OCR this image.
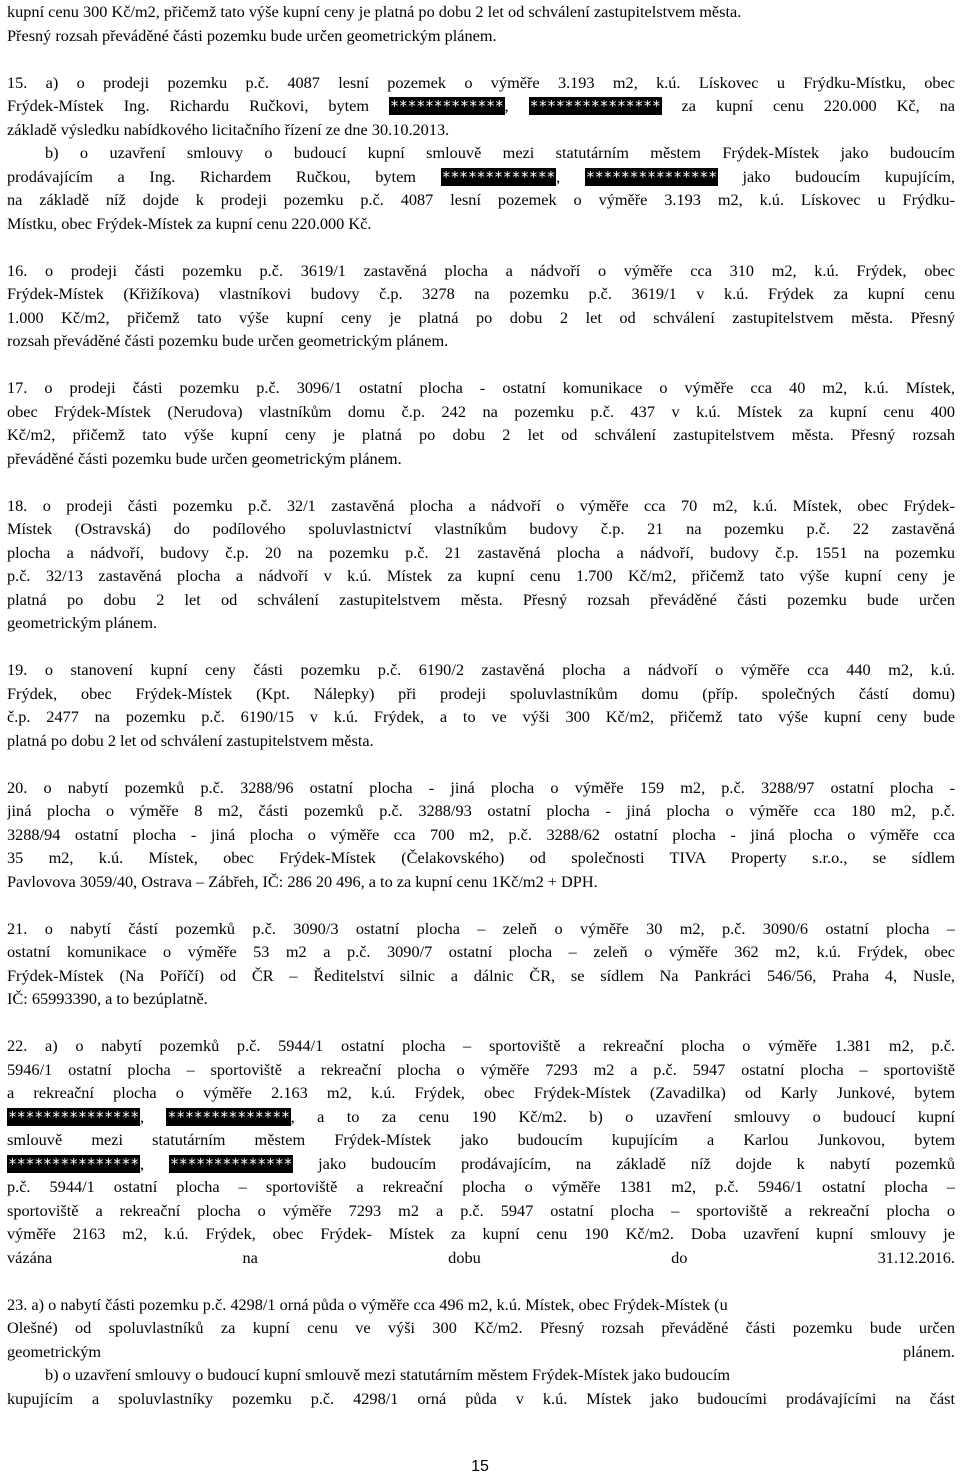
kupní cenu 300 Kč/m2, přičemž tato výše kupní ceny je platná po dobu 2 let od schválení zastupitelstvem města.
Přesný rozsah převáděné části pozemku bude určen geometrickým plánem.
15. a) o prodeji pozemku p.č. 4087 lesní pozemek o výměře 3.193 m2, k.ú. Lískovec u Frýdku-Místku, obec
Frýdek-Místek Ing. Richardu Ručkovi, bytem *************, *************** za kupní cenu 220.000 Kč, na
základě výsledku nabídkového licitačního řízení ze dne 30.10.2013.
b) o uzavření smlouvy o budoucí kupní smlouvě mezi statutárním městem Frýdek-Místek jako budoucím
prodávajícím a Ing. Richardem Ručkou, bytem *************, *************** jako budoucím kupujícím,
na základě níž dojde k prodeji pozemku p.č. 4087 lesní pozemek o výměře 3.193 m2, k.ú. Lískovec u Frýdku-
Místku, obec Frýdek-Místek za kupní cenu 220.000 Kč.
16. o prodeji části pozemku p.č. 3619/1 zastavěná plocha a nádvoří o výměře cca 310 m2, k.ú. Frýdek, obec
Frýdek-Místek (Křižíkova) vlastníkovi budovy č.p. 3278 na pozemku p.č. 3619/1 v k.ú. Frýdek za kupní cenu
1.000 Kč/m2, přičemž tato výše kupní ceny je platná po dobu 2 let od schválení zastupitelstvem města. Přesný
rozsah převáděné části pozemku bude určen geometrickým plánem.
17. o prodeji části pozemku p.č. 3096/1 ostatní plocha - ostatní komunikace o výměře cca 40 m2, k.ú. Místek,
obec Frýdek-Místek (Nerudova) vlastníkům domu č.p. 242 na pozemku p.č. 437 v k.ú. Místek za kupní cenu 400
Kč/m2, přičemž tato výše kupní ceny je platná po dobu 2 let od schválení zastupitelstvem města. Přesný rozsah
převáděné části pozemku bude určen geometrickým plánem.
18. o prodeji části pozemku p.č. 32/1 zastavěná plocha a nádvoří o výměře cca 70 m2, k.ú. Místek, obec Frýdek-
Místek (Ostravská) do podílového spoluvlastnictví vlastníkům budovy č.p. 21 na pozemku p.č. 22 zastavěná
plocha a nádvoří, budovy č.p. 20 na pozemku p.č. 21 zastavěná plocha a nádvoří, budovy č.p. 1551 na pozemku
p.č. 32/13 zastavěná plocha a nádvoří v k.ú. Místek za kupní cenu 1.700 Kč/m2, přičemž tato výše kupní ceny je
platná po dobu 2 let od schválení zastupitelstvem města. Přesný rozsah převáděné části pozemku bude určen
geometrickým plánem.
19. o stanovení kupní ceny části pozemku p.č. 6190/2 zastavěná plocha a nádvoří o výměře cca 440 m2, k.ú.
Frýdek, obec Frýdek-Místek (Kpt. Nálepky) při prodeji spoluvlastníkům domu (příp. společných částí domu)
č.p. 2477 na pozemku p.č. 6190/15 v k.ú. Frýdek, a to ve výši 300 Kč/m2, přičemž tato výše kupní ceny bude
platná po dobu 2 let od schválení zastupitelstvem města.
20. o nabytí pozemků p.č. 3288/96 ostatní plocha - jiná plocha o výměře 159 m2, p.č. 3288/97 ostatní plocha -
jiná plocha o výměře 8 m2, části pozemků p.č. 3288/93 ostatní plocha - jiná plocha o výměře cca 180 m2, p.č.
3288/94 ostatní plocha - jiná plocha o výměře cca 700 m2, p.č. 3288/62 ostatní plocha - jiná plocha o výměře cca
35 m2, k.ú. Místek, obec Frýdek-Místek (Čelakovského) od společnosti TIVA Property s.r.o., se sídlem
Pavlovova 3059/40, Ostrava – Zábřeh, IČ: 286 20 496, a to za kupní cenu 1Kč/m2 + DPH.
21. o nabytí částí pozemků p.č. 3090/3 ostatní plocha – zeleň o výměře 30 m2, p.č. 3090/6 ostatní plocha –
ostatní komunikace o výměře 53 m2 a p.č. 3090/7 ostatní plocha – zeleň o výměře 362 m2, k.ú. Frýdek, obec
Frýdek-Místek (Na Poříčí) od ČR – Ředitelství silnic a dálnic ČR, se sídlem Na Pankráci 546/56, Praha 4, Nusle,
IČ: 65993390, a to bezúplatně.
22. a) o nabytí pozemků p.č. 5944/1 ostatní plocha – sportoviště a rekreační plocha o výměře 1.381 m2, p.č.
5946/1 ostatní plocha – sportoviště a rekreační plocha o výměře 7293 m2 a p.č. 5947 ostatní plocha – sportoviště
a rekreační plocha o výměře 2.163 m2, k.ú. Frýdek, obec Frýdek-Místek (Zavadilka) od Karly Junkové, bytem
***************, **************, a to za cenu 190 Kč/m2. b) o uzavření smlouvy o budoucí kupní
smlouvě mezi statutárním městem Frýdek-Místek jako budoucím kupujícím a Karlou Junkovou, bytem
***************, ************** jako budoucím prodávajícím, na základě níž dojde k nabytí pozemků
p.č. 5944/1 ostatní plocha – sportoviště a rekreační plocha o výměře 1381 m2, p.č. 5946/1 ostatní plocha –
sportoviště a rekreační plocha o výměře 7293 m2 a p.č. 5947 ostatní plocha – sportoviště a rekreační plocha o
výměře 2163 m2, k.ú. Frýdek, obec Frýdek- Místek za kupní cenu 190 Kč/m2. Doba uzavření kupní smlouvy je
vázána na dobu do 31.12.2016.
23. a) o nabytí části pozemku p.č. 4298/1 orná půda o výměře cca 496 m2, k.ú. Místek, obec Frýdek-Místek (u
Olešné) od spoluvlastníků za kupní cenu ve výši 300 Kč/m2. Přesný rozsah převáděné části pozemku bude určen
geometrickým plánem.
b) o uzavření smlouvy o budoucí kupní smlouvě mezi statutárním městem Frýdek-Místek jako budoucím
kupujícím a spoluvlastníky pozemku p.č. 4298/1 orná půda v k.ú. Místek jako budoucími prodávajícími na část
15
